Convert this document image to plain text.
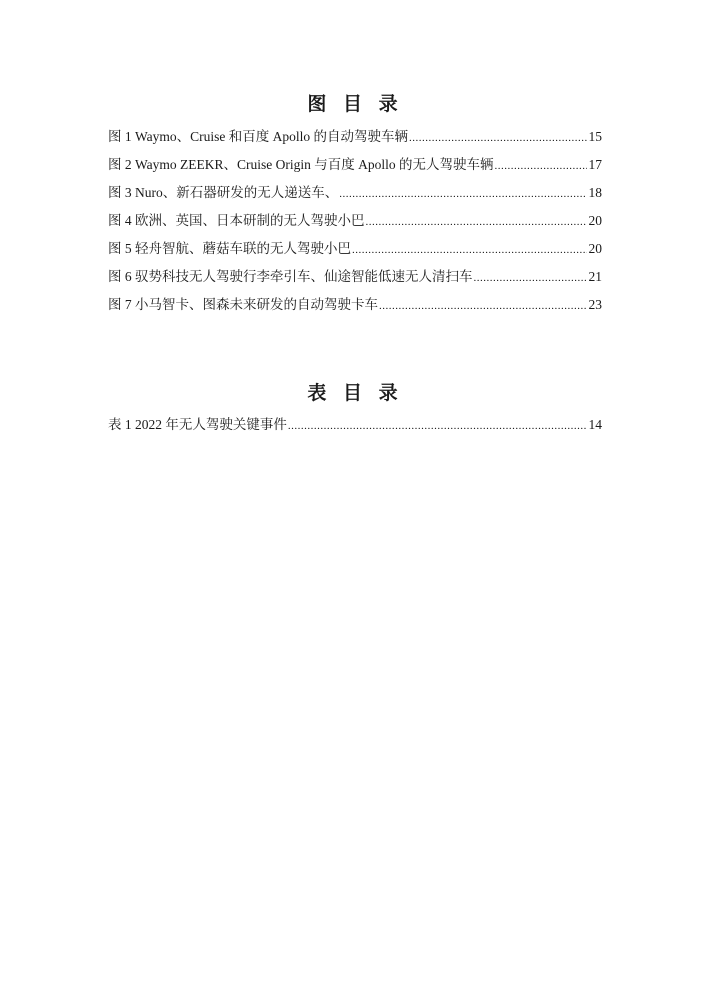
图 目 录
图 1 Waymo、Cruise 和百度 Apollo 的自动驾驶车辆 .....	15
图 2 Waymo ZEEKR、Cruise Origin 与百度 Apollo 的无人驾驶车辆 .....	17
图 3 Nuro、新石器研发的无人递送车、 .....	18
图 4 欧洲、英国、日本研制的无人驾驶小巴 .....	20
图 5 轻舟智航、蘑菇车联的无人驾驶小巴 .....	20
图 6 驭势科技无人驾驶行李牵引车、仙途智能低速无人清扫车 .....	21
图 7 小马智卡、图森未来研发的自动驾驶卡车 .....	23
表 目 录
表 1 2022 年无人驾驶关键事件 .....	14
